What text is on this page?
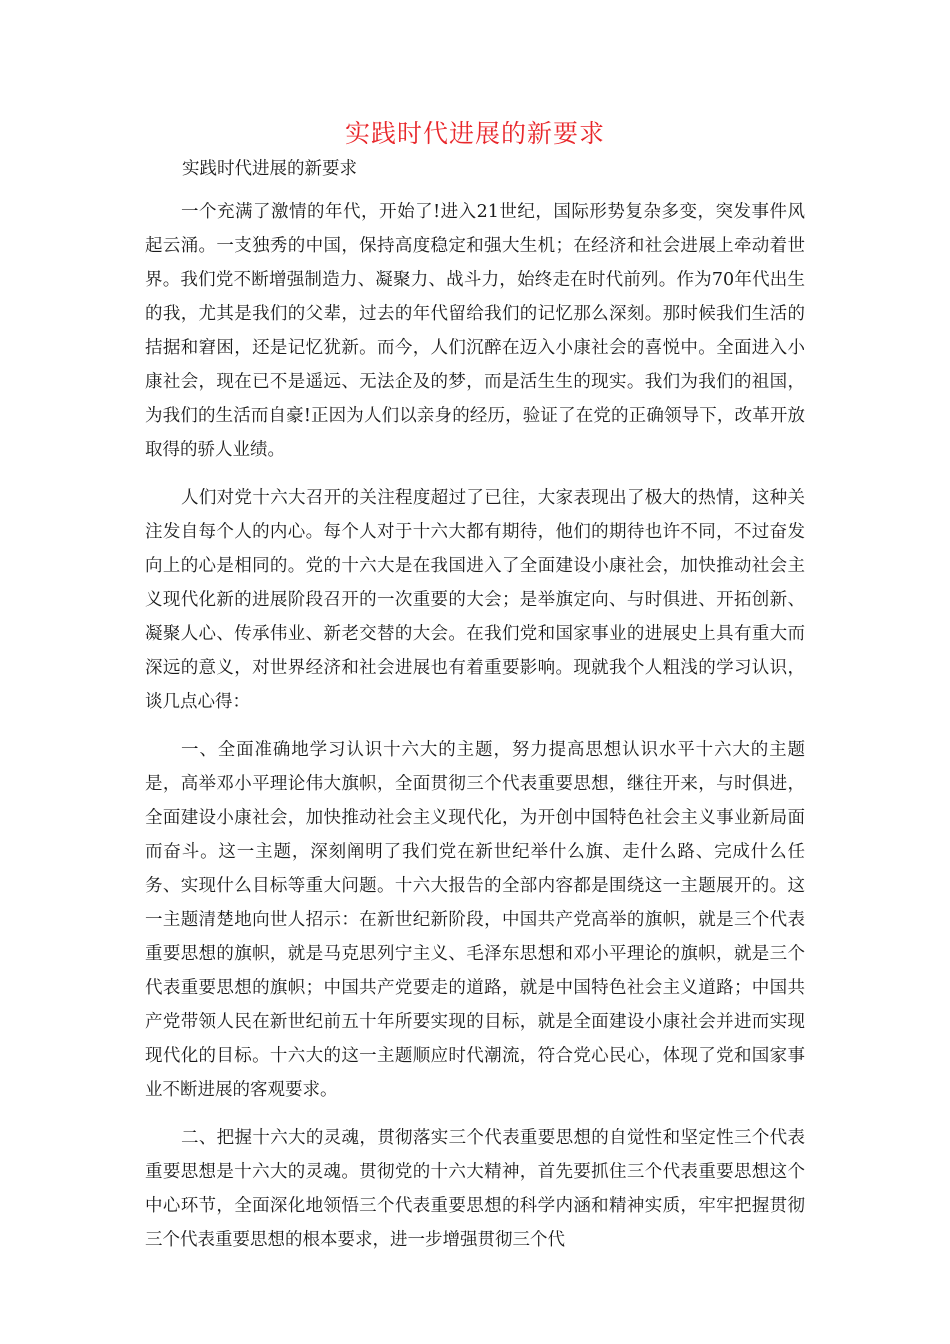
实践时代进展的新要求

实践时代进展的新要求

一个充满了激情的年代，开始了!进入21世纪，国际形势复杂多变，突发事件风起云涌。一支独秀的中国，保持高度稳定和强大生机；在经济和社会进展上牵动着世界。我们党不断增强制造力、凝聚力、战斗力，始终走在时代前列。作为70年代出生的我，尤其是我们的父辈，过去的年代留给我们的记忆那么深刻。那时候我们生活的拮据和窘困，还是记忆犹新。而今，人们沉醉在迈入小康社会的喜悦中。全面进入小康社会，现在已不是遥远、无法企及的梦，而是活生生的现实。我们为我们的祖国，为我们的生活而自豪!正因为人们以亲身的经历，验证了在党的正确领导下，改革开放取得的骄人业绩。

人们对党十六大召开的关注程度超过了已往，大家表现出了极大的热情，这种关注发自每个人的内心。每个人对于十六大都有期待，他们的期待也许不同，不过奋发向上的心是相同的。党的十六大是在我国进入了全面建设小康社会，加快推动社会主义现代化新的进展阶段召开的一次重要的大会；是举旗定向、与时俱进、开拓创新、凝聚人心、传承伟业、新老交替的大会。在我们党和国家事业的进展史上具有重大而深远的意义，对世界经济和社会进展也有着重要影响。现就我个人粗浅的学习认识，谈几点心得：

一、全面准确地学习认识十六大的主题，努力提高思想认识水平十六大的主题是，高举邓小平理论伟大旗帜，全面贯彻三个代表重要思想，继往开来，与时俱进，全面建设小康社会，加快推动社会主义现代化，为开创中国特色社会主义事业新局面而奋斗。这一主题，深刻阐明了我们党在新世纪举什么旗、走什么路、完成什么任务、实现什么目标等重大问题。十六大报告的全部内容都是围绕这一主题展开的。这一主题清楚地向世人招示：在新世纪新阶段，中国共产党高举的旗帜，就是三个代表重要思想的旗帜，就是马克思列宁主义、毛泽东思想和邓小平理论的旗帜，就是三个代表重要思想的旗帜；中国共产党要走的道路，就是中国特色社会主义道路；中国共产党带领人民在新世纪前五十年所要实现的目标，就是全面建设小康社会并进而实现现代化的目标。十六大的这一主题顺应时代潮流，符合党心民心，体现了党和国家事业不断进展的客观要求。

二、把握十六大的灵魂，贯彻落实三个代表重要思想的自觉性和坚定性三个代表重要思想是十六大的灵魂。贯彻党的十六大精神，首先要抓住三个代表重要思想这个中心环节，全面深化地领悟三个代表重要思想的科学内涵和精神实质，牢牢把握贯彻三个代表重要思想的根本要求，进一步增强贯彻三个代
